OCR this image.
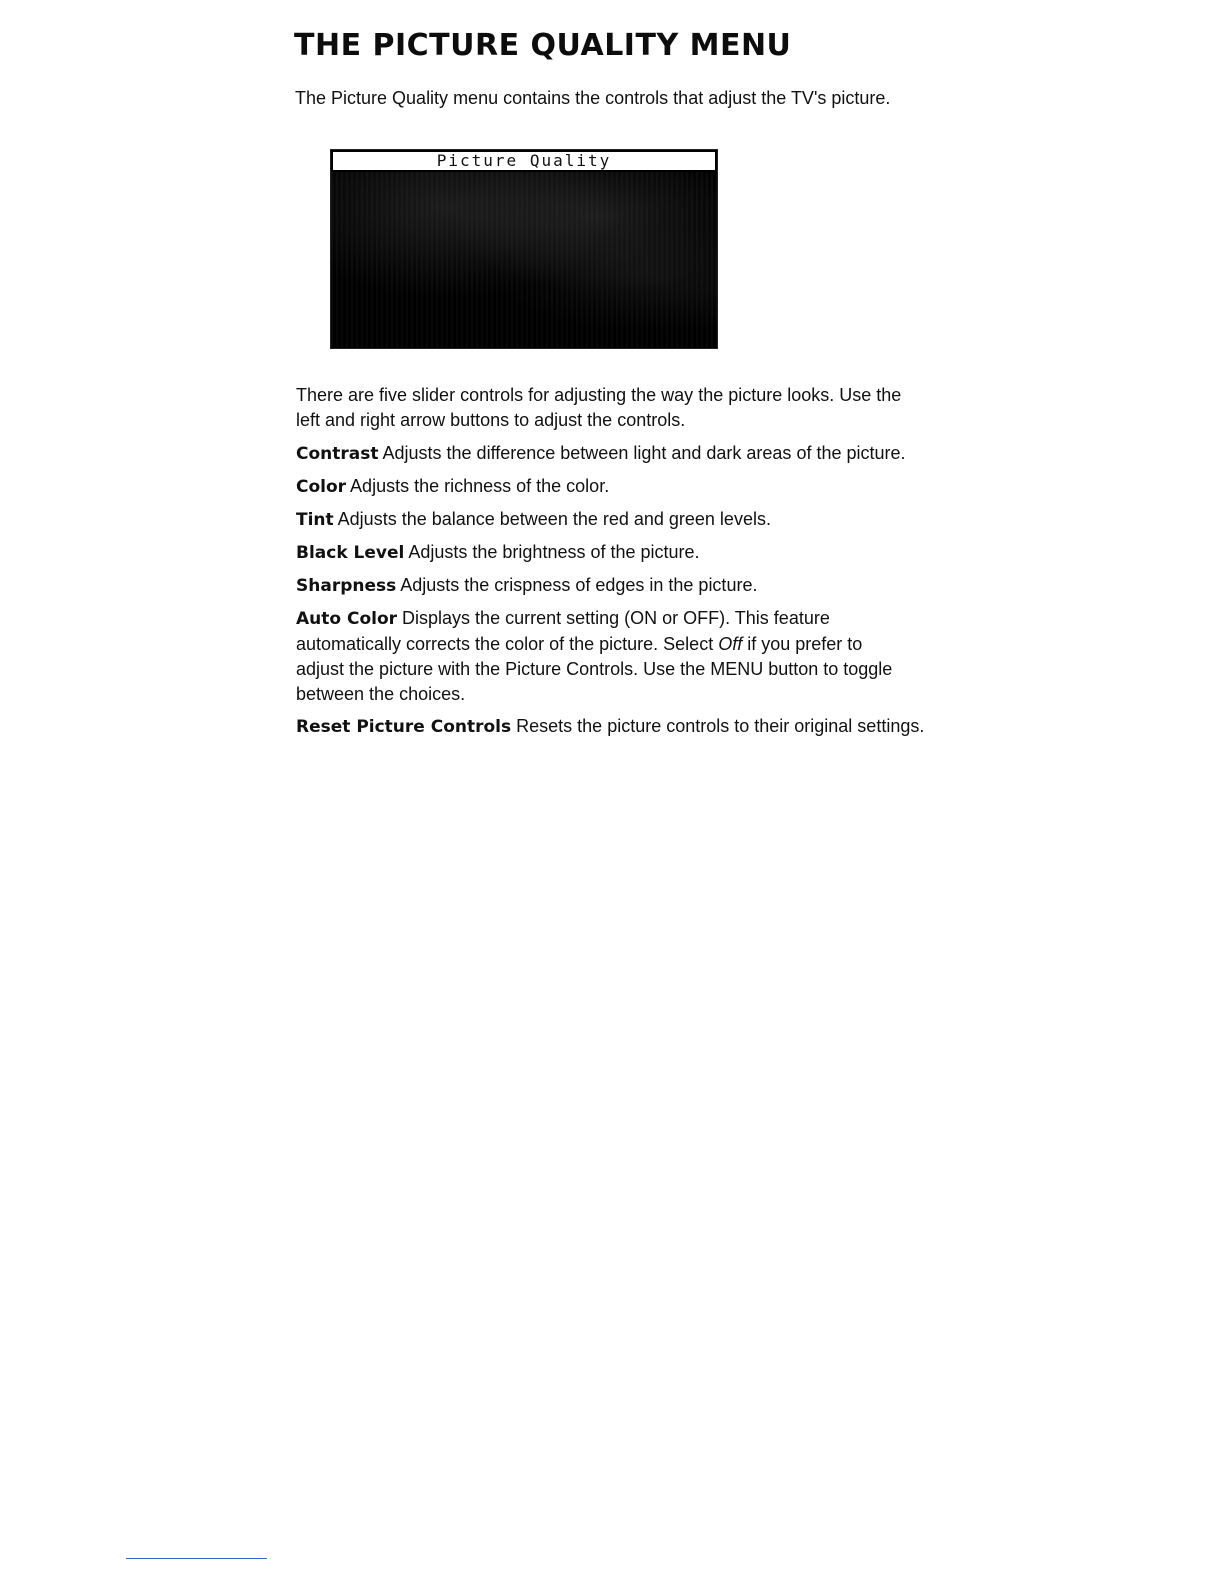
THE PICTURE QUALITY MENU

The Picture Quality menu contains the controls that adjust the TV's picture.

Picture Quality

There are five slider controls for adjusting the way the picture looks. Use the
left and right arrow buttons to adjust the controls.

Contrast Adjusts the difference between light and dark areas of the picture.

Color Adjusts the richness of the color.

Tint Adjusts the balance between the red and green levels.

Black Level Adjusts the brightness of the picture.

Sharpness Adjusts the crispness of edges in the picture.

Auto Color Displays the current setting (ON or OFF). This feature
automatically corrects the color of the picture. Select Off if you prefer to
adjust the picture with the Picture Controls. Use the MENU button to toggle
between the choices.

Reset Picture Controls Resets the picture controls to their original settings.
